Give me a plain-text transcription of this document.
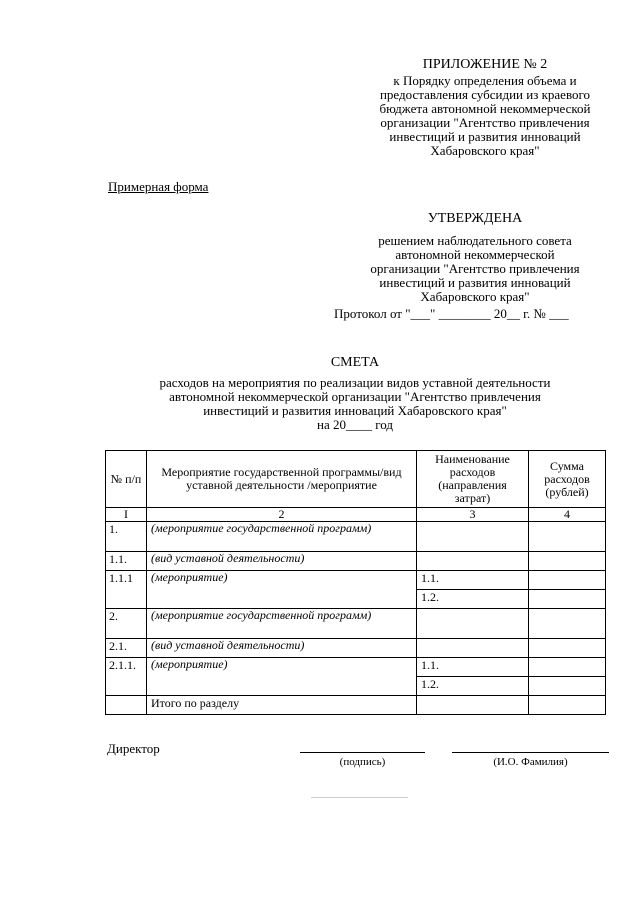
ПРИЛОЖЕНИЕ № 2
к Порядку определения объема и
предоставления субсидии из краевого
бюджета автономной некоммерческой
организации "Агентство привлечения
инвестиций и развития инноваций
Хабаровского края"
Примерная форма
УТВЕРЖДЕНА
решением наблюдательного совета
автономной некоммерческой
организации "Агентство привлечения
инвестиций и развития инноваций
Хабаровского края"
Протокол от "___" ________ 20__ г. № ___
СМЕТА
расходов на мероприятия по реализации видов уставной деятельности
автономной некоммерческой организации "Агентство привлечения
инвестиций и развития инноваций Хабаровского края"
на 20____ год
№ п/п	Мероприятие государственной программы/вид уставной деятельности /мероприятие	Наименование расходов (направления затрат)	Сумма расходов (рублей)
I	2	3	4
1.	(мероприятие государственной программ)		
1.1.	(вид уставной деятельности)		
1.1.1	(мероприятие)	1.1.	
		1.2.	
2.	(мероприятие государственной программ)		
2.1.	(вид уставной деятельности)		
2.1.1.	(мероприятие)	1.1.	
		1.2.	
	Итого по разделу		
Директор
(подпись)	(И.О. Фамилия)
